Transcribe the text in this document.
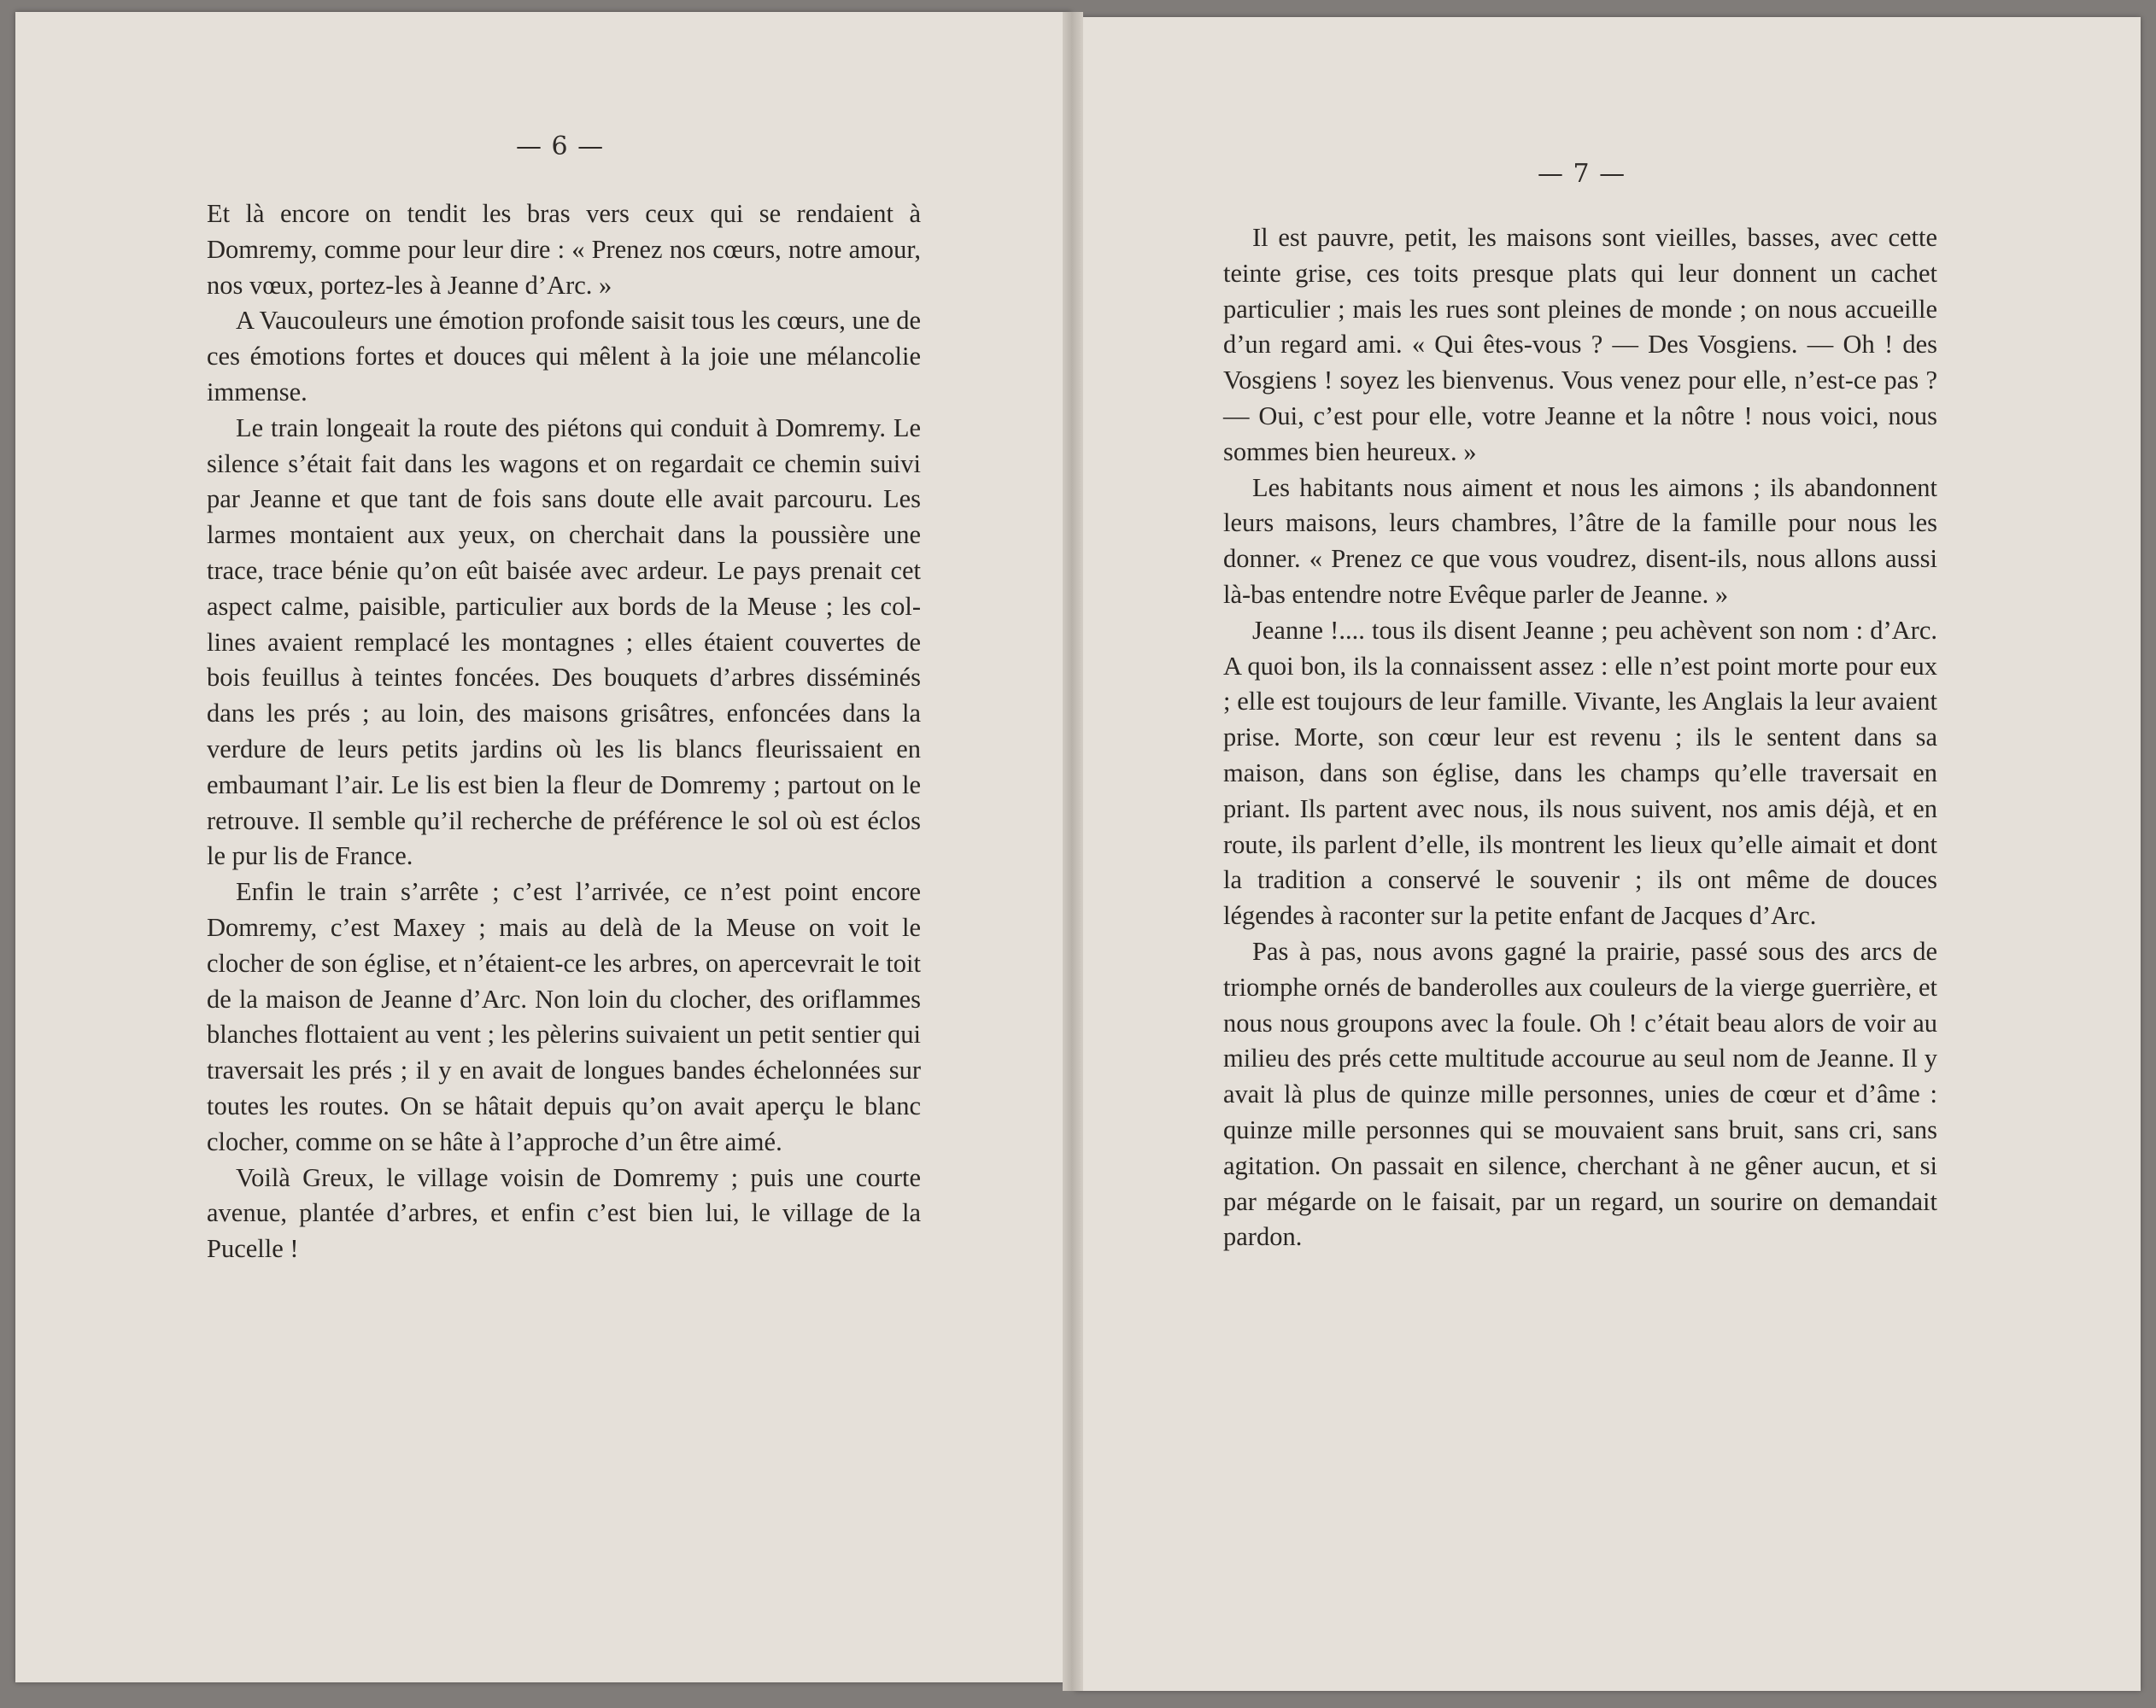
— 6 —

Et là encore on tendit les bras vers ceux qui se rendaient à Domremy, comme pour leur dire : « Prenez nos cœurs, notre amour, nos vœux, portez-les à Jeanne d’Arc. »

A Vaucouleurs une émotion profonde saisit tous les cœurs, une de ces émotions fortes et douces qui mêlent à la joie une mélancolie immense.

Le train longeait la route des piétons qui conduit à Domremy. Le silence s’était fait dans les wagons et on regardait ce chemin suivi par Jeanne et que tant de fois sans doute elle avait parcouru. Les larmes montaient aux yeux, on cherchait dans la poussière une trace, trace bénie qu’on eût baisée avec ardeur. Le pays prenait cet aspect calme, paisible, particulier aux bords de la Meuse ; les collines avaient remplacé les montagnes ; elles étaient couvertes de bois feuillus à teintes foncées. Des bouquets d’arbres disséminés dans les prés ; au loin, des maisons grisâtres, enfoncées dans la verdure de leurs petits jardins où les lis blancs fleurissaient en embaumant l’air. Le lis est bien la fleur de Domremy ; partout on le retrouve. Il semble qu’il recherche de préférence le sol où est éclos le pur lis de France.

Enfin le train s’arrête ; c’est l’arrivée, ce n’est point encore Domremy, c’est Maxey ; mais au delà de la Meuse on voit le clocher de son église, et n’étaient-ce les arbres, on apercevrait le toit de la maison de Jeanne d’Arc. Non loin du clocher, des oriflammes blanches flottaient au vent ; les pèlerins suivaient un petit sentier qui traversait les prés ; il y en avait de longues bandes échelonnées sur toutes les routes. On se hâtait depuis qu’on avait aperçu le blanc clocher, comme on se hâte à l’approche d’un être aimé.

Voilà Greux, le village voisin de Domremy ; puis une courte avenue, plantée d’arbres, et enfin c’est bien lui, le village de la Pucelle !

— 7 —

Il est pauvre, petit, les maisons sont vieilles, basses, avec cette teinte grise, ces toits presque plats qui leur donnent un cachet particulier ; mais les rues sont pleines de monde ; on nous accueille d’un regard ami. « Qui êtes-vous ? — Des Vosgiens. — Oh ! des Vosgiens ! soyez les bienvenus. Vous venez pour elle, n’est-ce pas ? — Oui, c’est pour elle, votre Jeanne et la nôtre ! nous voici, nous sommes bien heureux. »

Les habitants nous aiment et nous les aimons ; ils abandonnent leurs maisons, leurs chambres, l’âtre de la famille pour nous les donner. « Prenez ce que vous voudrez, disent-ils, nous allons aussi là-bas entendre notre Evêque parler de Jeanne. »

Jeanne !.... tous ils disent Jeanne ; peu achèvent son nom : d’Arc. A quoi bon, ils la connaissent assez : elle n’est point morte pour eux ; elle est toujours de leur famille. Vivante, les Anglais la leur avaient prise. Morte, son cœur leur est revenu ; ils le sentent dans sa maison, dans son église, dans les champs qu’elle traversait en priant. Ils partent avec nous, ils nous suivent, nos amis déjà, et en route, ils parlent d’elle, ils montrent les lieux qu’elle aimait et dont la tradition a conservé le souvenir ; ils ont même de douces légendes à raconter sur la petite enfant de Jacques d’Arc.

Pas à pas, nous avons gagné la prairie, passé sous des arcs de triomphe ornés de banderolles aux couleurs de la vierge guerrière, et nous nous groupons avec la foule. Oh ! c’était beau alors de voir au milieu des prés cette multitude accourue au seul nom de Jeanne. Il y avait là plus de quinze mille personnes, unies de cœur et d’âme : quinze mille personnes qui se mouvaient sans bruit, sans cri, sans agitation. On passait en silence, cherchant à ne gêner aucun, et si par mégarde on le faisait, par un regard, un sourire on demandait pardon.
